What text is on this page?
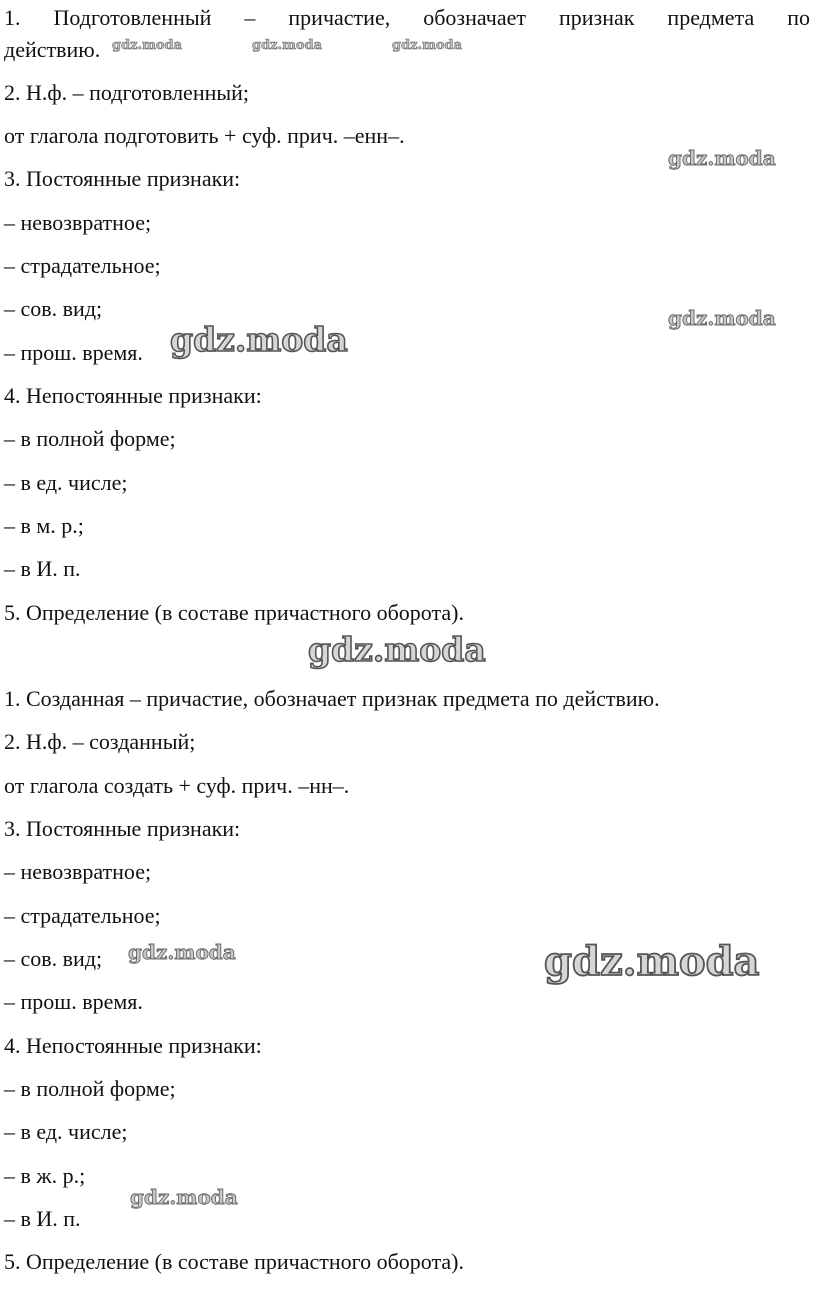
1. Подготовленный – причастие, обозначает признак предмета по
действию.
2. Н.ф. – подготовленный;
от глагола подготовить + суф. прич. –енн–.
3. Постоянные признаки:
– невозвратное;
– страдательное;
– сов. вид;
– прош. время.
4. Непостоянные признаки:
– в полной форме;
– в ед. числе;
– в м. р.;
– в И. п.
5. Определение (в составе причастного оборота).
1. Созданная – причастие, обозначает признак предмета по действию.
2. Н.ф. – созданный;
от глагола создать + суф. прич. –нн–.
3. Постоянные признаки:
– невозвратное;
– страдательное;
– сов. вид;
– прош. время.
4. Непостоянные признаки:
– в полной форме;
– в ед. числе;
– в ж. р.;
– в И. п.
5. Определение (в составе причастного оборота).
gdz.moda	gdz.moda	gdz.moda
gdz.moda
gdz.moda
gdz.moda
gdz.moda
gdz.moda	gdz.moda
gdz.moda
